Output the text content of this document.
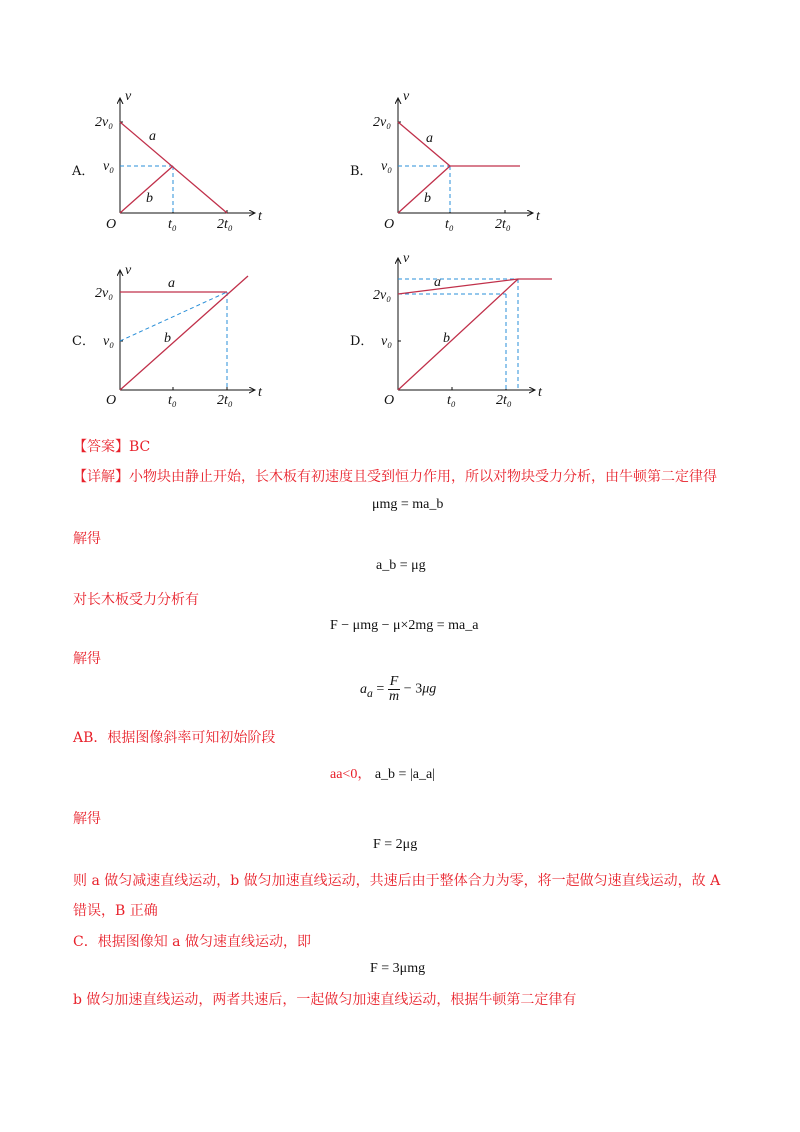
A．
v
t
O
2v₀
v₀
t₀	2t₀
a
b
B．
v
t
O
2v₀
v₀
t₀	2t₀
a
b
C．
v
t
O
2v₀
v₀
t₀	2t₀
a
b	D．
v
t
O
2v₀
v₀
t₀	2t₀
a
b
【答案】BC
【详解】小物块由静止开始，长木板有初速度且受到恒力作用，所以对物块受力分析，由牛顿第二定律得
μmg = ma_b
解得
a_b = μg
对长木板受力分析有
F − μmg − μ×2mg = ma_a
解得
$a_a = \frac{F}{m} - 3\mu g$
AB．根据图像斜率可知初始阶段
aa<0， a_b = |a_a|
解得
F = 2μg
则 a 做匀减速直线运动，b 做匀加速直线运动，共速后由于整体合力为零，将一起做匀速直线运动，故 A
错误，B 正确
C．根据图像知 a 做匀速直线运动，即
F = 3μmg
b 做匀加速直线运动，两者共速后，一起做匀加速直线运动，根据牛顿第二定律有
